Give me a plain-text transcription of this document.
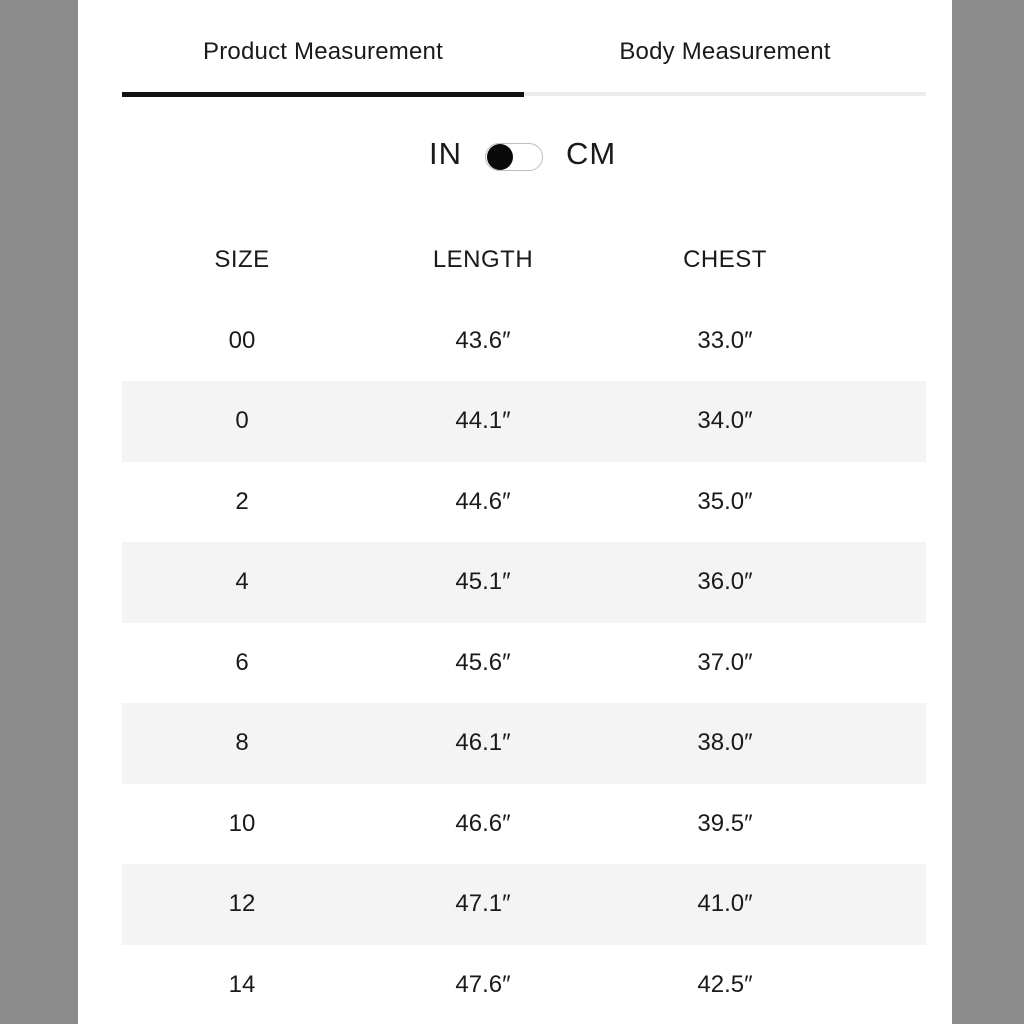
Product Measurement	Body Measurement
IN	CM
SIZE	LENGTH	CHEST
00	43.6″	33.0″
0	44.1″	34.0″
2	44.6″	35.0″
4	45.1″	36.0″
6	45.6″	37.0″
8	46.1″	38.0″
10	46.6″	39.5″
12	47.1″	41.0″
14	47.6″	42.5″
